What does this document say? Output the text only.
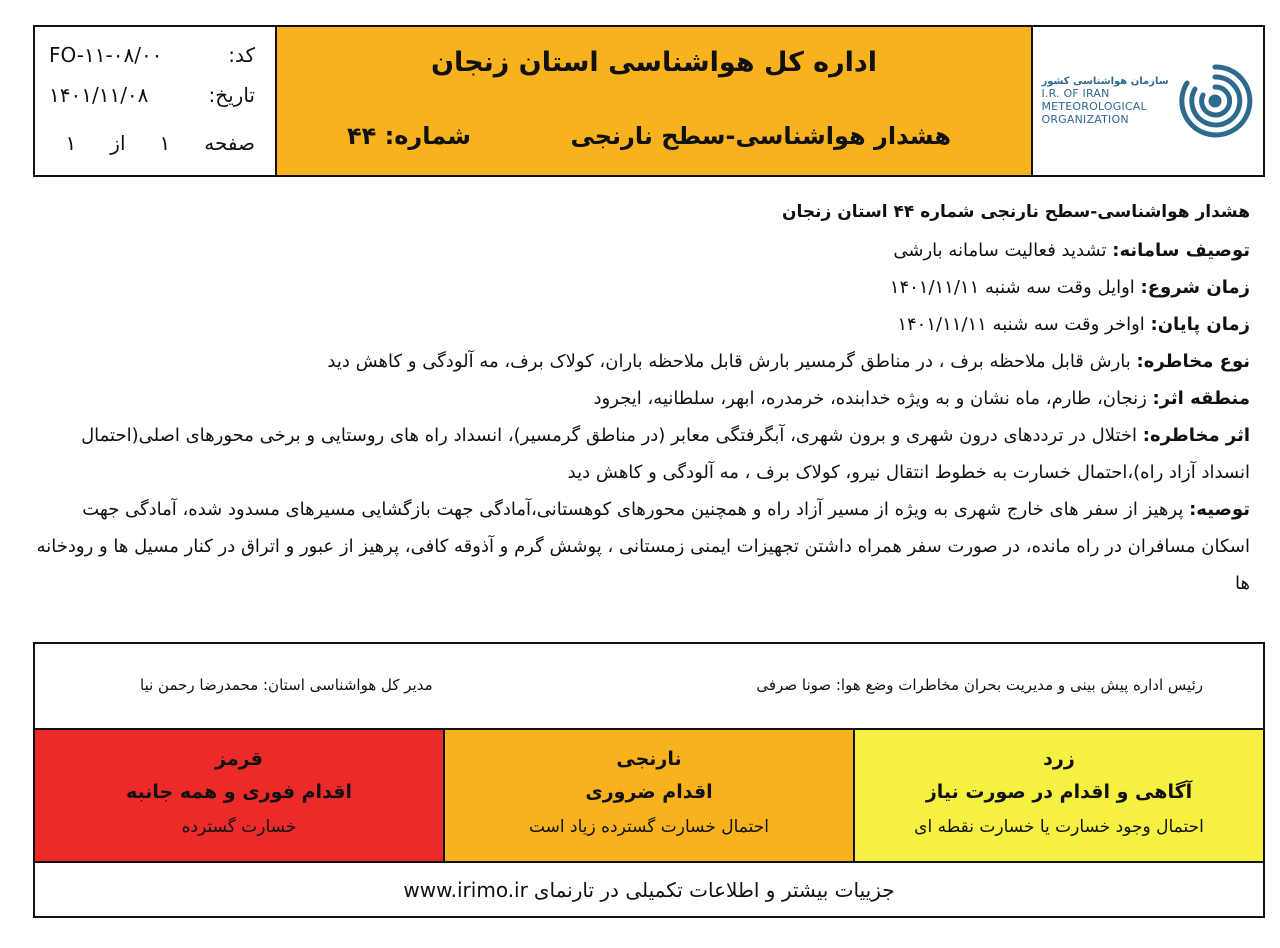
سازمان هواشناسی کشور
I.R. OF IRAN
METEOROLOGICAL
ORGANIZATION
اداره کل هواشناسی استان زنجان
هشدار هواشناسی-سطح نارنجی
شماره: ۴۴
کد:
FO-۱۱-۰۸/۰۰
تاریخ:
۱۴۰۱/۱۱/۰۸
صفحه
۱
از
۱
هشدار هواشناسی-سطح نارنجی شماره ۴۴ استان زنجان
توصیف سامانه: تشدید فعالیت سامانه بارشی
زمان شروع: اوایل وقت سه شنبه ۱۴۰۱/۱۱/۱۱
زمان پایان: اواخر وقت سه شنبه ۱۴۰۱/۱۱/۱۱
نوع مخاطره: بارش قابل ملاحظه برف ، در مناطق گرمسیر بارش قابل ملاحظه باران، کولاک برف، مه آلودگی و کاهش دید
منطقه اثر: زنجان، طارم، ماه نشان و به ویژه خدابنده، خرمدره، ابهر، سلطانیه، ایجرود
اثر مخاطره: اختلال در ترددهای درون شهری و برون شهری، آبگرفتگی معابر (در مناطق گرمسیر)، انسداد راه های روستایی و برخی محورهای اصلی(احتمال انسداد آزاد راه)،احتمال خسارت به خطوط انتقال نیرو، کولاک برف ، مه آلودگی و کاهش دید
توصیه: پرهیز از سفر های خارج شهری به ویژه از مسیر آزاد راه و همچنین محورهای کوهستانی،آمادگی جهت بازگشایی مسیرهای مسدود شده، آمادگی جهت اسکان مسافران در راه مانده، در صورت سفر همراه داشتن تجهیزات ایمنی زمستانی ، پوشش گرم و آذوقه کافی، پرهیز از عبور و اتراق در کنار مسیل ها و رودخانه ها
رئیس اداره پیش بینی و مدیریت بحران مخاطرات وضع هوا: صونا صرفی
مدیر کل هواشناسی استان: محمدرضا رحمن نیا
زرد
آگاهی و اقدام در صورت نیاز
احتمال وجود خسارت یا خسارت نقطه ای
نارنجی
اقدام ضروری
احتمال خسارت گسترده زیاد است
قرمز
اقدام فوری و همه جانبه
خسارت گسترده
جزییات بیشتر و اطلاعات تکمیلی در تارنمای
www.irimo.ir
